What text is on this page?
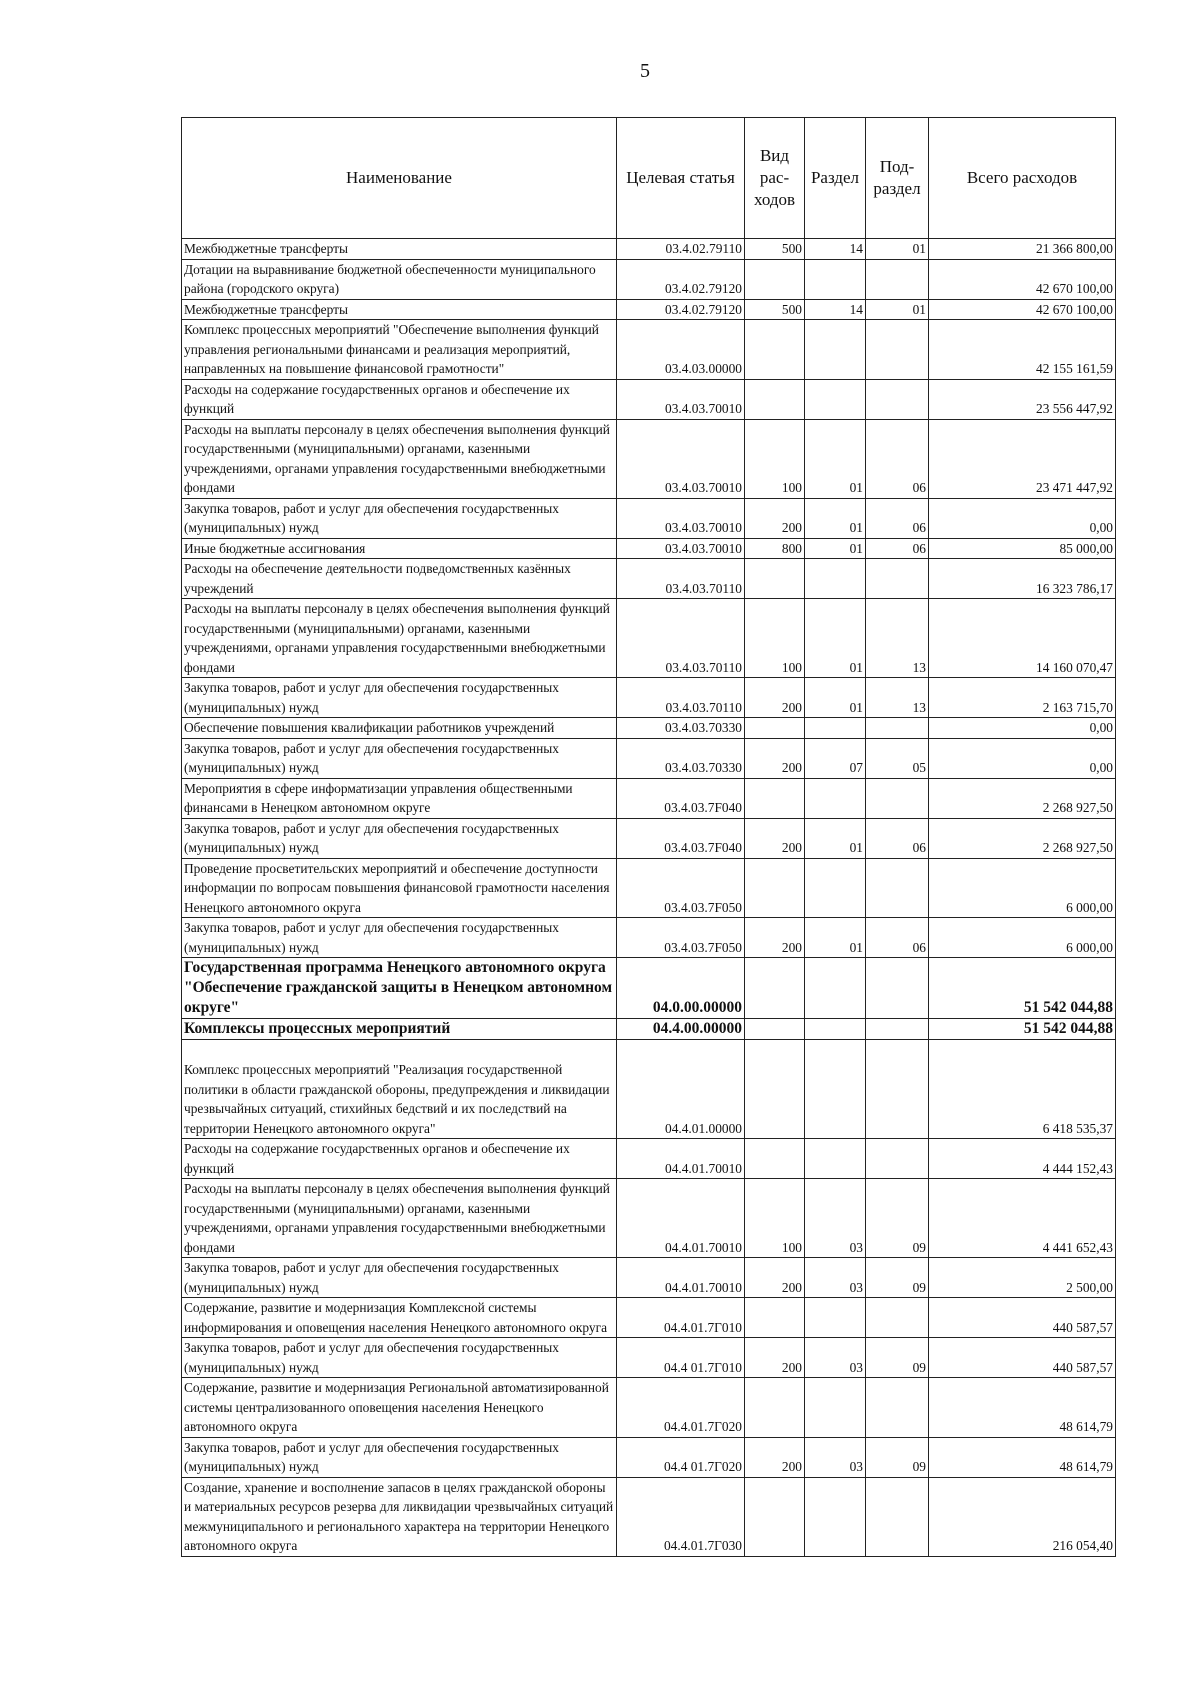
5
Наименование	Целевая статья	Вид рас- ходов	Раздел	Под- раздел	Всего расходов
Межбюджетные трансферты	03.4.02.79110	500	14	01	21 366 800,00
Дотации на выравнивание бюджетной обеспеченности муниципального района (городского округа)	03.4.02.79120				42 670 100,00
Межбюджетные трансферты	03.4.02.79120	500	14	01	42 670 100,00
Комплекс процессных мероприятий "Обеспечение выполнения функций управления региональными финансами и реализация мероприятий, направленных на повышение финансовой грамотности"	03.4.03.00000				42 155 161,59
Расходы на содержание государственных органов и обеспечение их функций	03.4.03.70010				23 556 447,92
Расходы на выплаты персоналу в целях обеспечения выполнения функций государственными (муниципальными) органами, казенными учреждениями, органами управления государственными внебюджетными фондами	03.4.03.70010	100	01	06	23 471 447,92
Закупка товаров, работ и услуг для обеспечения государственных (муниципальных) нужд	03.4.03.70010	200	01	06	0,00
Иные бюджетные ассигнования	03.4.03.70010	800	01	06	85 000,00
Расходы на обеспечение деятельности подведомственных казённых учреждений	03.4.03.70110				16 323 786,17
Расходы на выплаты персоналу в целях обеспечения выполнения функций государственными (муниципальными) органами, казенными учреждениями, органами управления государственными внебюджетными фондами	03.4.03.70110	100	01	13	14 160 070,47
Закупка товаров, работ и услуг для обеспечения государственных (муниципальных) нужд	03.4.03.70110	200	01	13	2 163 715,70
Обеспечение повышения квалификации работников учреждений	03.4.03.70330				0,00
Закупка товаров, работ и услуг для обеспечения государственных (муниципальных) нужд	03.4.03.70330	200	07	05	0,00
Мероприятия в сфере информатизации управления общественными финансами в Ненецком автономном округе	03.4.03.7F040				2 268 927,50
Закупка товаров, работ и услуг для обеспечения государственных (муниципальных) нужд	03.4.03.7F040	200	01	06	2 268 927,50
Проведение просветительских мероприятий и обеспечение доступности информации по вопросам повышения финансовой грамотности населения Ненецкого автономного округа	03.4.03.7F050				6 000,00
Закупка товаров, работ и услуг для обеспечения государственных (муниципальных) нужд	03.4.03.7F050	200	01	06	6 000,00
Государственная программа Ненецкого автономного округа "Обеспечение гражданской защиты в Ненецком автономном округе"	04.0.00.00000				51 542 044,88
Комплексы процессных мероприятий	04.4.00.00000				51 542 044,88
Комплекс процессных мероприятий "Реализация государственной политики в области гражданской обороны, предупреждения и ликвидации чрезвычайных ситуаций, стихийных бедствий и их последствий на территории Ненецкого автономного округа"	04.4.01.00000				6 418 535,37
Расходы на содержание государственных органов и обеспечение их функций	04.4.01.70010				4 444 152,43
Расходы на выплаты персоналу в целях обеспечения выполнения функций государственными (муниципальными) органами, казенными учреждениями, органами управления государственными внебюджетными фондами	04.4.01.70010	100	03	09	4 441 652,43
Закупка товаров, работ и услуг для обеспечения государственных (муниципальных) нужд	04.4.01.70010	200	03	09	2 500,00
Содержание, развитие и модернизация Комплексной системы информирования и оповещения населения Ненецкого автономного округа	04.4.01.7Г010				440 587,57
Закупка товаров, работ и услуг для обеспечения государственных (муниципальных) нужд	04.4 01.7Г010	200	03	09	440 587,57
Содержание, развитие и модернизация Региональной автоматизированной системы централизованного оповещения населения Ненецкого автономного округа	04.4.01.7Г020				48 614,79
Закупка товаров, работ и услуг для обеспечения государственных (муниципальных) нужд	04.4 01.7Г020	200	03	09	48 614,79
Создание, хранение и восполнение запасов в целях гражданской обороны и материальных ресурсов резерва для ликвидации чрезвычайных ситуаций межмуниципального и регионального характера на территории Ненецкого автономного округа	04.4.01.7Г030				216 054,40
